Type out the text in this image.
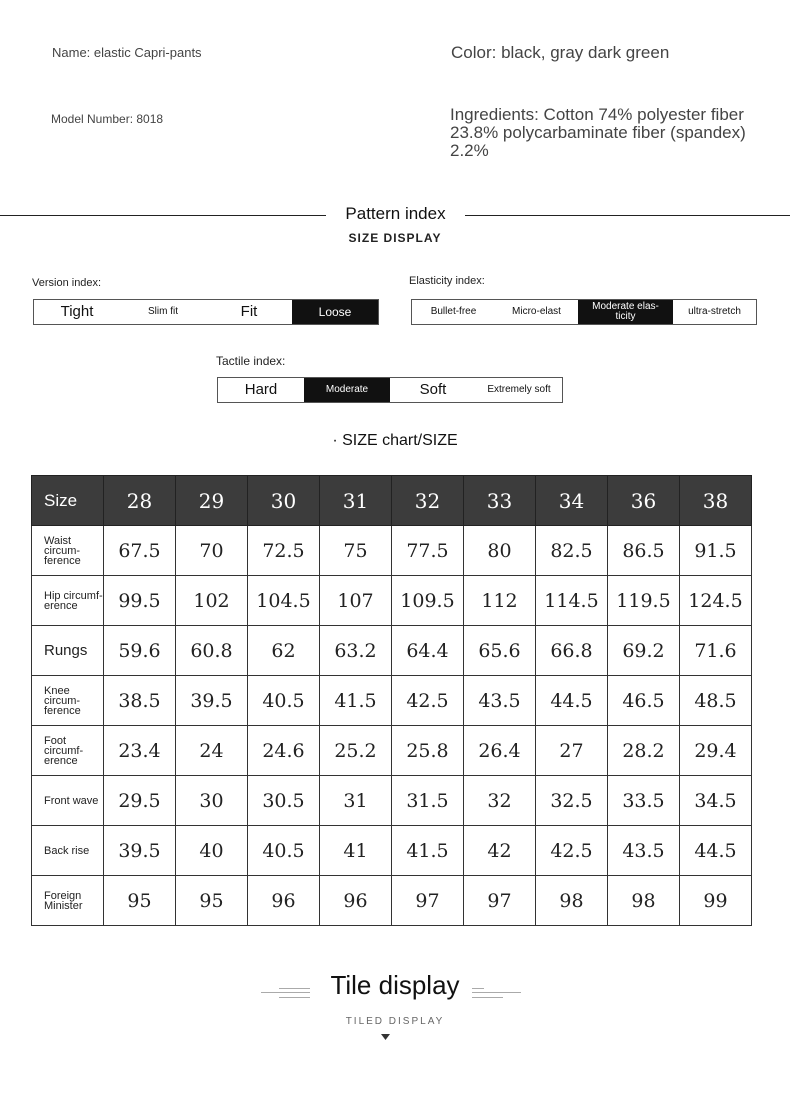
Name: elastic Capri-pants	Color: black, gray dark green
Model Number: 8018	Ingredients: Cotton 74% polyester fiber
23.8% polycarbaminate fiber (spandex)
2.2%
Pattern index
SIZE DISPLAY
Version index:
Tight	Slim fit	Fit	Loose
Elasticity index:
Bullet-free	Micro-elast	Moderate elas-ticity	ultra-stretch
Tactile index:
Hard	Moderate	Soft	Extremely soft
· SIZE chart/SIZE
Size	28	29	30	31	32	33	34	36	38
Waist circum-ference	67.5	70	72.5	75	77.5	80	82.5	86.5	91.5
Hip circumf-erence	99.5	102	104.5	107	109.5	112	114.5	119.5	124.5
Rungs	59.6	60.8	62	63.2	64.4	65.6	66.8	69.2	71.6
Knee circum-ference	38.5	39.5	40.5	41.5	42.5	43.5	44.5	46.5	48.5
Foot circumf-erence	23.4	24	24.6	25.2	25.8	26.4	27	28.2	29.4
Front wave	29.5	30	30.5	31	31.5	32	32.5	33.5	34.5
Back rise	39.5	40	40.5	41	41.5	42	42.5	43.5	44.5
Foreign Minister	95	95	96	96	97	97	98	98	99
Tile display
TILED DISPLAY
